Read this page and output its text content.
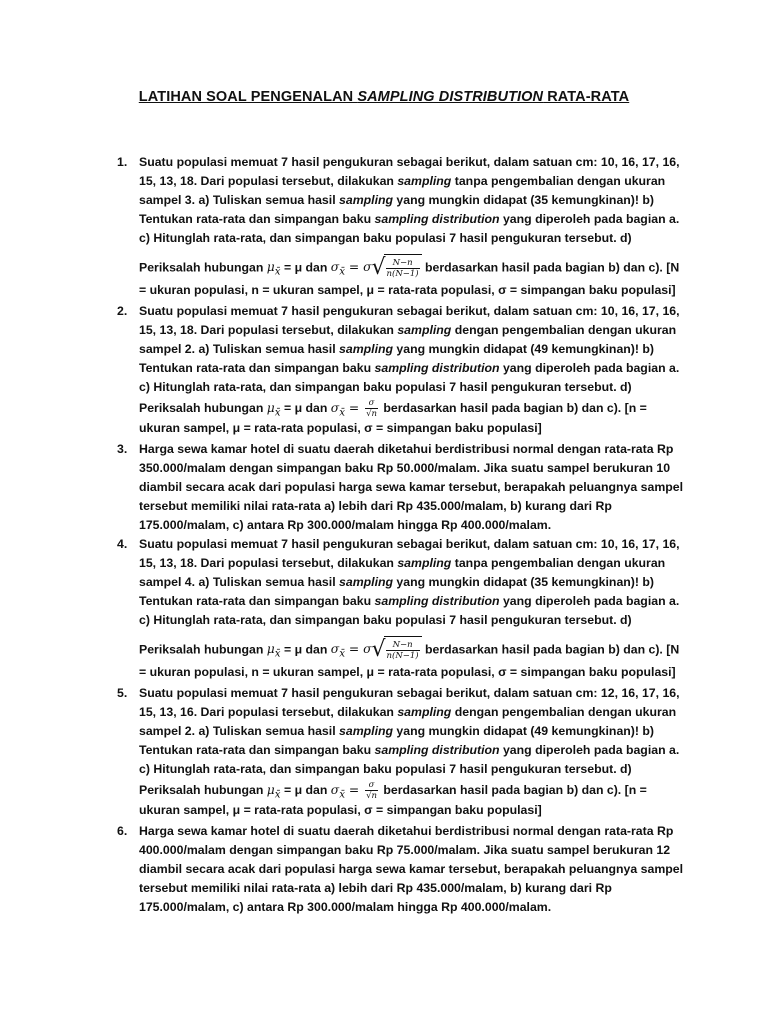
LATIHAN SOAL PENGENALAN SAMPLING DISTRIBUTION RATA-RATA
1. Suatu populasi memuat 7 hasil pengukuran sebagai berikut, dalam satuan cm: 10, 16, 17, 16,
15, 13, 18. Dari populasi tersebut, dilakukan sampling tanpa pengembalian dengan ukuran
sampel 3. a) Tuliskan semua hasil sampling yang mungkin didapat (35 kemungkinan)! b)
Tentukan rata-rata dan simpangan baku sampling distribution yang diperoleh pada bagian a.
c) Hitunglah rata-rata, dan simpangan baku populasi 7 hasil pengukuran tersebut. d)
Periksalah hubungan $\mu_{x̄} = \mu$ dan $\sigma_{x̄} = \sigma√ \frac{N-n}{n(N-1)}$ berdasarkan hasil pada bagian b) dan c). [N
= ukuran populasi, n = ukuran sampel, μ = rata-rata populasi, σ = simpangan baku populasi]
2. Suatu populasi memuat 7 hasil pengukuran sebagai berikut, dalam satuan cm: 10, 16, 17, 16,
15, 13, 18. Dari populasi tersebut, dilakukan sampling dengan pengembalian dengan ukuran
sampel 2. a) Tuliskan semua hasil sampling yang mungkin didapat (49 kemungkinan)! b)
Tentukan rata-rata dan simpangan baku sampling distribution yang diperoleh pada bagian a.
c) Hitunglah rata-rata, dan simpangan baku populasi 7 hasil pengukuran tersebut. d)
Periksalah hubungan $\mu_{x̄} = \mu$ dan $\sigma_{x̄} = \frac{\sigma}{√n}$ berdasarkan hasil pada bagian b) dan c). [n =
ukuran sampel, μ = rata-rata populasi, σ = simpangan baku populasi]
3. Harga sewa kamar hotel di suatu daerah diketahui berdistribusi normal dengan rata-rata Rp
350.000/malam dengan simpangan baku Rp 50.000/malam. Jika suatu sampel berukuran 10
diambil secara acak dari populasi harga sewa kamar tersebut, berapakah peluangnya sampel
tersebut memiliki nilai rata-rata a) lebih dari Rp 435.000/malam, b) kurang dari Rp
175.000/malam, c) antara Rp 300.000/malam hingga Rp 400.000/malam.
4. Suatu populasi memuat 7 hasil pengukuran sebagai berikut, dalam satuan cm: 10, 16, 17, 16,
15, 13, 18. Dari populasi tersebut, dilakukan sampling tanpa pengembalian dengan ukuran
sampel 4. a) Tuliskan semua hasil sampling yang mungkin didapat (35 kemungkinan)! b)
Tentukan rata-rata dan simpangan baku sampling distribution yang diperoleh pada bagian a.
c) Hitunglah rata-rata, dan simpangan baku populasi 7 hasil pengukuran tersebut. d)
Periksalah hubungan $\mu_{x̄} = \mu$ dan $\sigma_{x̄} = \sigma√ \frac{N-n}{n(N-1)}$ berdasarkan hasil pada bagian b) dan c). [N
= ukuran populasi, n = ukuran sampel, μ = rata-rata populasi, σ = simpangan baku populasi]
5. Suatu populasi memuat 7 hasil pengukuran sebagai berikut, dalam satuan cm: 12, 16, 17, 16,
15, 13, 16. Dari populasi tersebut, dilakukan sampling dengan pengembalian dengan ukuran
sampel 2. a) Tuliskan semua hasil sampling yang mungkin didapat (49 kemungkinan)! b)
Tentukan rata-rata dan simpangan baku sampling distribution yang diperoleh pada bagian a.
c) Hitunglah rata-rata, dan simpangan baku populasi 7 hasil pengukuran tersebut. d)
Periksalah hubungan $\mu_{x̄} = \mu$ dan $\sigma_{x̄} = \frac{\sigma}{√n}$ berdasarkan hasil pada bagian b) dan c). [n =
ukuran sampel, μ = rata-rata populasi, σ = simpangan baku populasi]
6. Harga sewa kamar hotel di suatu daerah diketahui berdistribusi normal dengan rata-rata Rp
400.000/malam dengan simpangan baku Rp 75.000/malam. Jika suatu sampel berukuran 12
diambil secara acak dari populasi harga sewa kamar tersebut, berapakah peluangnya sampel
tersebut memiliki nilai rata-rata a) lebih dari Rp 435.000/malam, b) kurang dari Rp
175.000/malam, c) antara Rp 300.000/malam hingga Rp 400.000/malam.
